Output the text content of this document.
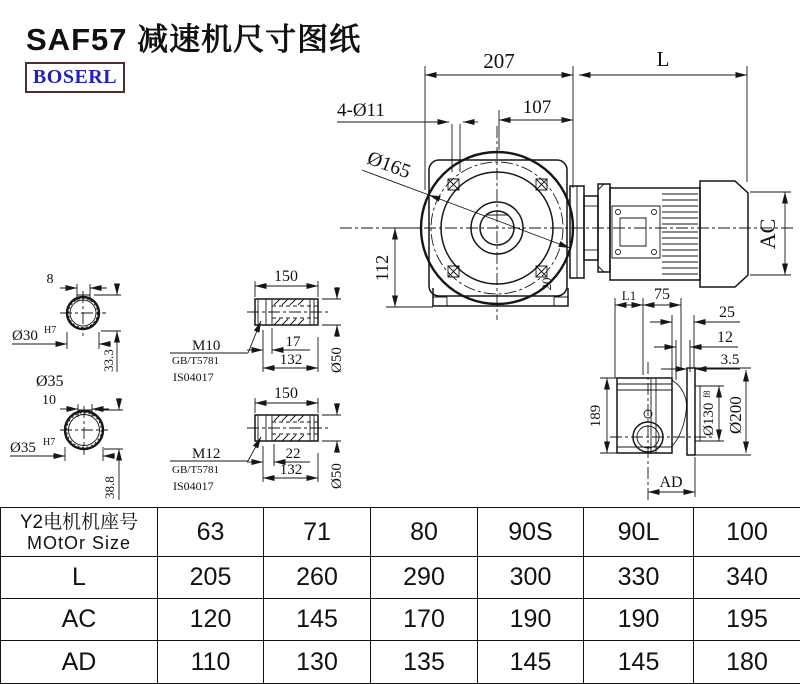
SAF57 减速机尺寸图纸
BOSERL
207	L
107
4-Ø11
Ø165
112
AC
20
L1 75
25
12
3.5
189	Ø130
f8
Ø200
AD
8
Ø30 H7
33.3
Ø35
10
Ø35 H7
38.8
150
Ø50
17
132
M10
GB/T5781
IS04017
150
Ø50
22
132
M12
GB/T5781
IS04017
Y2电机机座号
MOtOr Size	63	71	80	90S	90L	100
L	205	260	290	300	330	340
AC	120	145	170	190	190	195
AD	110	130	135	145	145	180
